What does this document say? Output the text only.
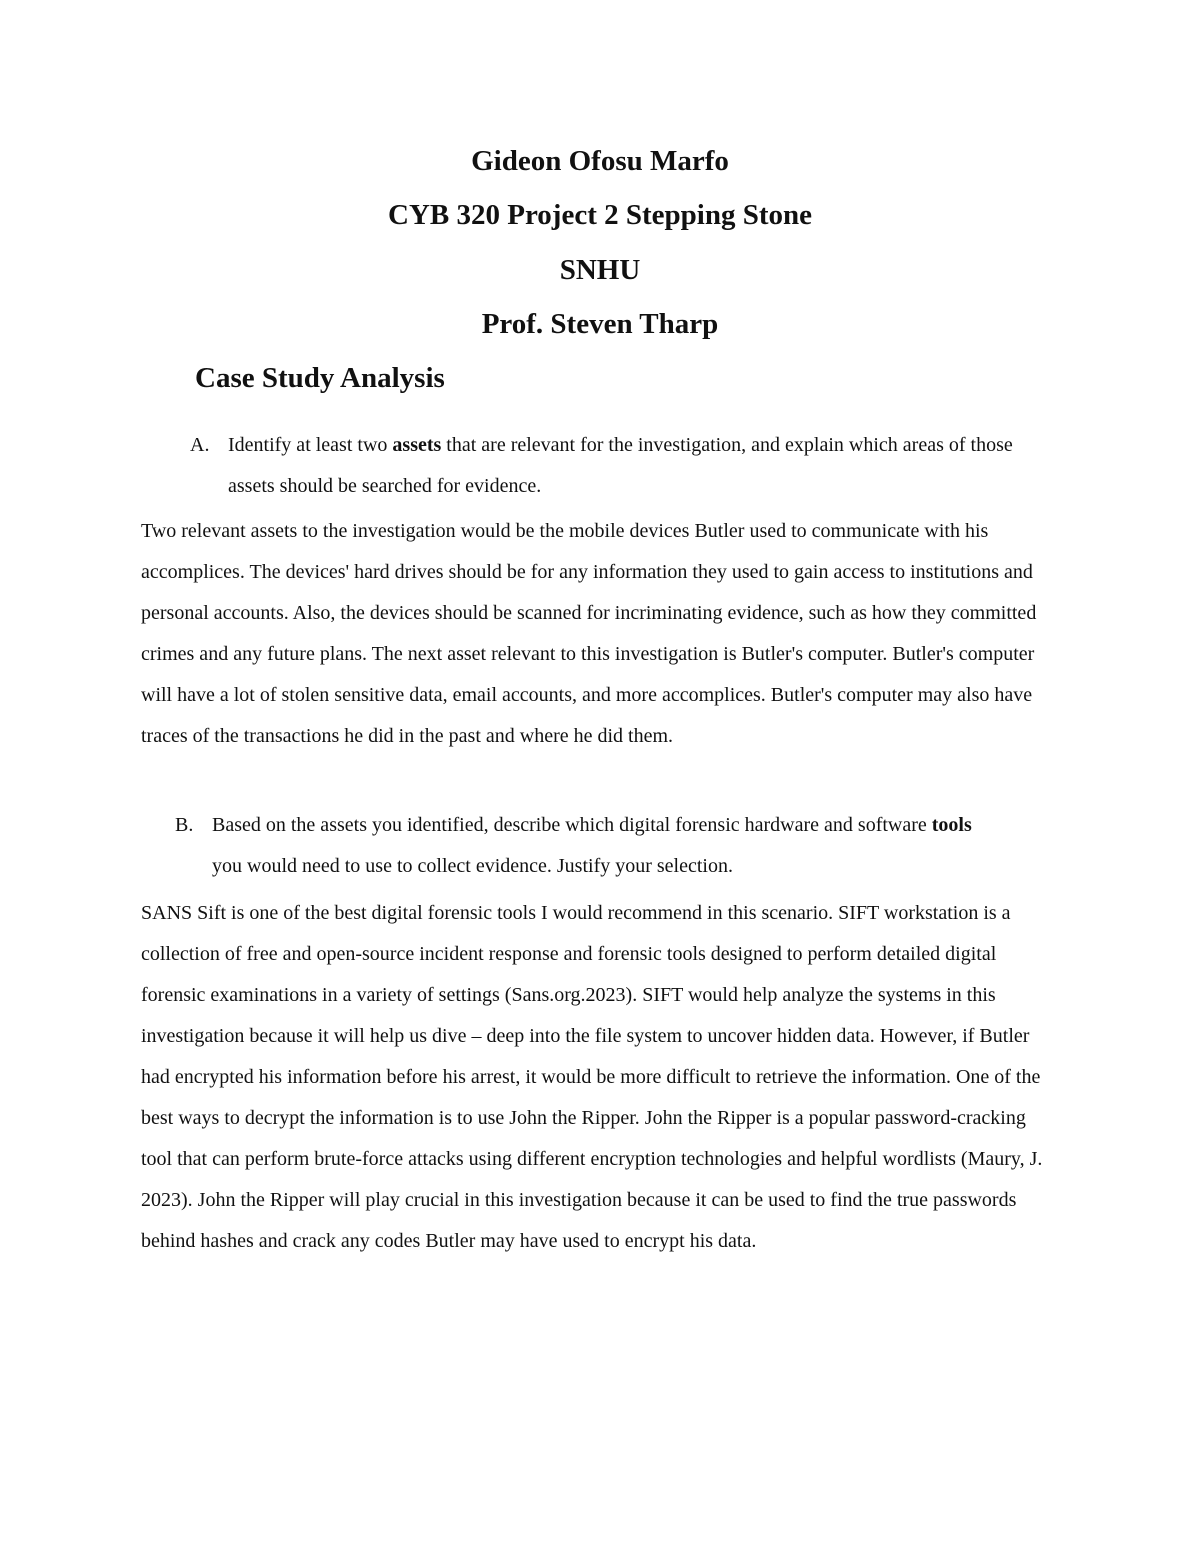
Gideon Ofosu Marfo

CYB 320 Project 2 Stepping Stone

SNHU

Prof. Steven Tharp

Case Study Analysis
A. Identify at least two assets that are relevant for the investigation, and explain which areas of those assets should be searched for evidence.

Two relevant assets to the investigation would be the mobile devices Butler used to communicate with his accomplices. The devices' hard drives should be for any information they used to gain access to institutions and personal accounts. Also, the devices should be scanned for incriminating evidence, such as how they committed crimes and any future plans. The next asset relevant to this investigation is Butler's computer. Butler's computer will have a lot of stolen sensitive data, email accounts, and more accomplices. Butler's computer may also have traces of the transactions he did in the past and where he did them.

B. Based on the assets you identified, describe which digital forensic hardware and software tools you would need to use to collect evidence. Justify your selection.

SANS Sift is one of the best digital forensic tools I would recommend in this scenario. SIFT workstation is a collection of free and open-source incident response and forensic tools designed to perform detailed digital forensic examinations in a variety of settings (Sans.org.2023). SIFT would help analyze the systems in this investigation because it will help us dive – deep into the file system to uncover hidden data. However, if Butler had encrypted his information before his arrest, it would be more difficult to retrieve the information. One of the best ways to decrypt the information is to use John the Ripper. John the Ripper is a popular password-cracking tool that can perform brute-force attacks using different encryption technologies and helpful wordlists (Maury, J. 2023). John the Ripper will play crucial in this investigation because it can be used to find the true passwords behind hashes and crack any codes Butler may have used to encrypt his data.
